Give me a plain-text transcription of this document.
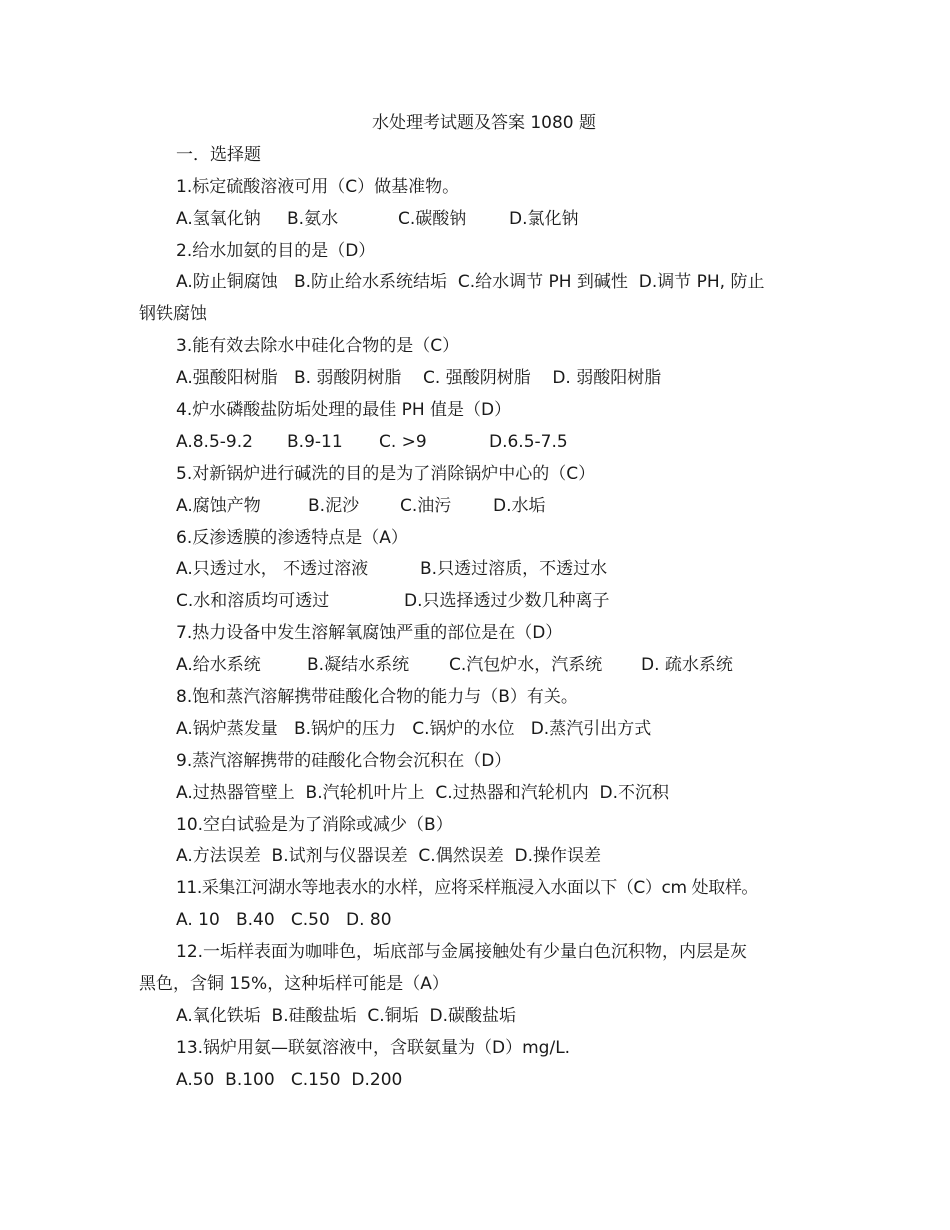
水处理考试题及答案 1080 题
一．选择题
1.标定硫酸溶液可用（C）做基准物。
A.氢氧化钠 B.氨水	C.碳酸钠	D.氯化钠
2.给水加氨的目的是（D）
A.防止铜腐蚀   B.防止给水系统结垢  C.给水调节 PH 到碱性  D.调节 PH, 防止
钢铁腐蚀
3.能有效去除水中硅化合物的是（C）
A.强酸阳树脂   B. 弱酸阴树脂    C. 强酸阴树脂    D. 弱酸阳树脂
4.炉水磷酸盐防垢处理的最佳 PH 值是（D）
A.8.5-9.2 B.9-11 C. >9	D.6.5-7.5
5.对新锅炉进行碱洗的目的是为了消除锅炉中心的（C）
A.腐蚀产物	B.泥沙 C.油污 D.水垢
6.反渗透膜的渗透特点是（A）
A.只透过水， 不透过溶液	B.只透过溶质，不透过水
C.水和溶质均可透过	D.只选择透过少数几种离子
7.热力设备中发生溶解氧腐蚀严重的部位是在（D）
A.给水系统	B.凝结水系统 C.汽包炉水，汽系统 D. 疏水系统
8.饱和蒸汽溶解携带硅酸化合物的能力与（B）有关。
A.锅炉蒸发量   B.锅炉的压力   C.锅炉的水位   D.蒸汽引出方式
9.蒸汽溶解携带的硅酸化合物会沉积在（D）
A.过热器管壁上  B.汽轮机叶片上  C.过热器和汽轮机内  D.不沉积
10.空白试验是为了消除或减少（B）
A.方法误差  B.试剂与仪器误差  C.偶然误差  D.操作误差
11.采集江河湖水等地表水的水样，应将采样瓶浸入水面以下（C）cm 处取样。
A. 10   B.40   C.50   D. 80
12.一垢样表面为咖啡色，垢底部与金属接触处有少量白色沉积物，内层是灰
黑色，含铜 15%，这种垢样可能是（A）
A.氧化铁垢  B.硅酸盐垢  C.铜垢  D.碳酸盐垢
13.锅炉用氨—联氨溶液中，含联氨量为（D）mg/L.
A.50  B.100   C.150  D.200
